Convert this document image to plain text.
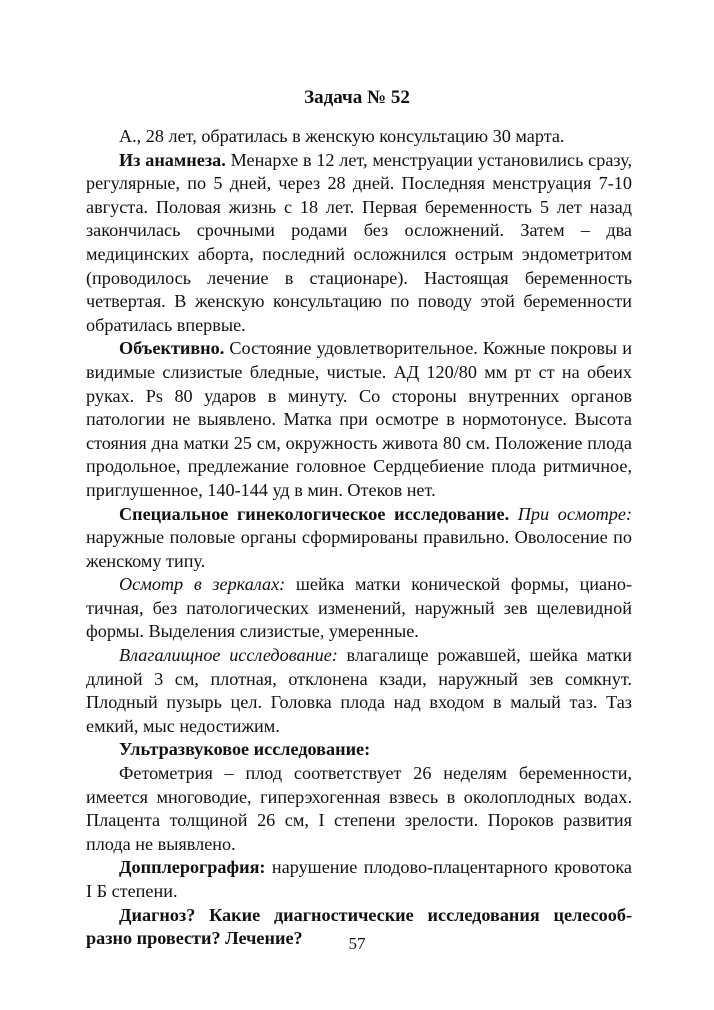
Задача № 52

А., 28 лет, обратилась в женскую консультацию 30 марта.

Из анамнеза. Менархе в 12 лет, менструации установились сразу, регулярные, по 5 дней, через 28 дней. Последняя менструация 7-10 августа. Половая жизнь с 18 лет. Первая беременность 5 лет назад закончилась срочными родами без осложнений. Затем – два медицинских аборта, последний осложнился острым эндометритом (проводилось лечение в стационаре). Настоящая беременность четвертая. В женскую консультацию по поводу этой беременности обратилась впервые.

Объективно. Состояние удовлетворительное. Кожные покровы и видимые слизистые бледные, чистые. АД 120/80 мм рт ст на обеих руках. Ps 80 ударов в минуту. Со стороны внутренних органов патологии не выявлено. Матка при осмотре в нормотонусе. Высота стояния дна матки 25 см, окружность живота 80 см. Положение плода продольное, предлежание головное Сердцебиение плода ритмичное, приглушенное, 140-144 уд в мин. Отеков нет.

Специальное гинекологическое исследование. При осмотре: наружные половые органы сформированы правильно. Оволосение по женскому типу.

Осмотр в зеркалах: шейка матки конической формы, цианотичная, без патологических изменений, наружный зев щелевидной формы. Выделения слизистые, умеренные.

Влагалищное исследование: влагалище рожавшей, шейка матки длиной 3 см, плотная, отклонена кзади, наружный зев сомкнут. Плодный пузырь цел. Головка плода над входом в малый таз. Таз емкий, мыс недостижим.

Ультразвуковое исследование:

Фетометрия – плод соответствует 26 неделям беременности, имеется многоводие, гиперэхогенная взвесь в околоплодных водах. Плацента толщиной 26 см, I степени зрелости. Пороков развития плода не выявлено.

Допплерография: нарушение плодово-плацентарного кровотока I Б степени.

Диагноз? Какие диагностические исследования целесообразно провести? Лечение?	57
